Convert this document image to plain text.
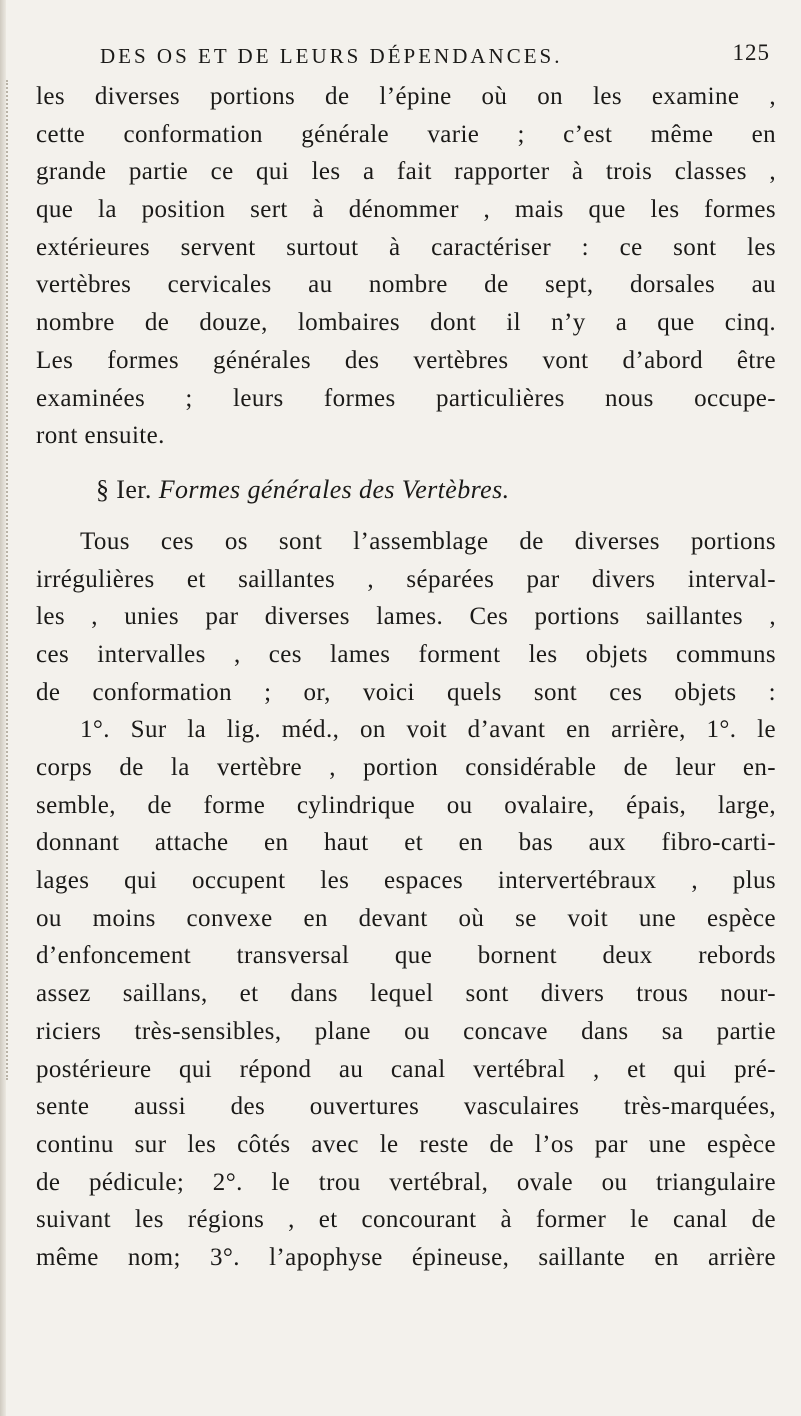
DES OS ET DE LEURS DÉPENDANCES.	125
les diverses portions de l’épine où on les examine ,
cette conformation générale varie ; c’est même en
grande partie ce qui les a fait rapporter à trois classes ,
que la position sert à dénommer , mais que les formes
extérieures servent surtout à caractériser : ce sont les
vertèbres cervicales au nombre de sept, dorsales au
nombre de douze, lombaires dont il n’y a que cinq.
Les formes générales des vertèbres vont d’abord être
examinées ; leurs formes particulières nous occupe-
ront ensuite.
§ Ier. Formes générales des Vertèbres.
Tous ces os sont l’assemblage de diverses portions
irrégulières et saillantes , séparées par divers interval-
les , unies par diverses lames. Ces portions saillantes ,
ces intervalles , ces lames forment les objets communs
de conformation ; or, voici quels sont ces objets :
1°. Sur la lig. méd., on voit d’avant en arrière, 1°. le
corps de la vertèbre , portion considérable de leur en-
semble, de forme cylindrique ou ovalaire, épais, large,
donnant attache en haut et en bas aux fibro-carti-
lages qui occupent les espaces intervertébraux , plus
ou moins convexe en devant où se voit une espèce
d’enfoncement transversal que bornent deux rebords
assez saillans, et dans lequel sont divers trous nour-
riciers très-sensibles, plane ou concave dans sa partie
postérieure qui répond au canal vertébral , et qui pré-
sente aussi des ouvertures vasculaires très-marquées,
continu sur les côtés avec le reste de l’os par une espèce
de pédicule; 2°. le trou vertébral, ovale ou triangulaire
suivant les régions , et concourant à former le canal de
même nom; 3°. l’apophyse épineuse, saillante en arrière
